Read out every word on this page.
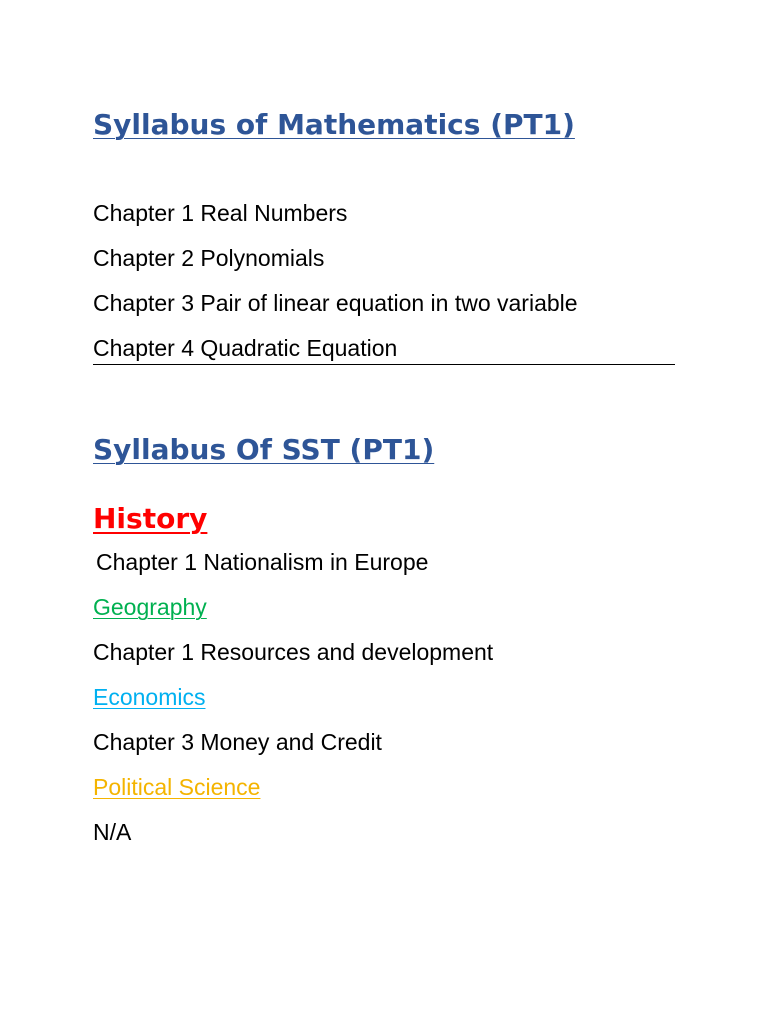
Syllabus of Mathematics (PT1)
Chapter 1 Real Numbers
Chapter 2 Polynomials
Chapter 3 Pair of linear equation in two variable
Chapter 4 Quadratic Equation
Syllabus Of SST (PT1)
History
Chapter 1 Nationalism in Europe
Geography
Chapter 1 Resources and development
Economics
Chapter 3 Money and Credit
Political Science
N/A
